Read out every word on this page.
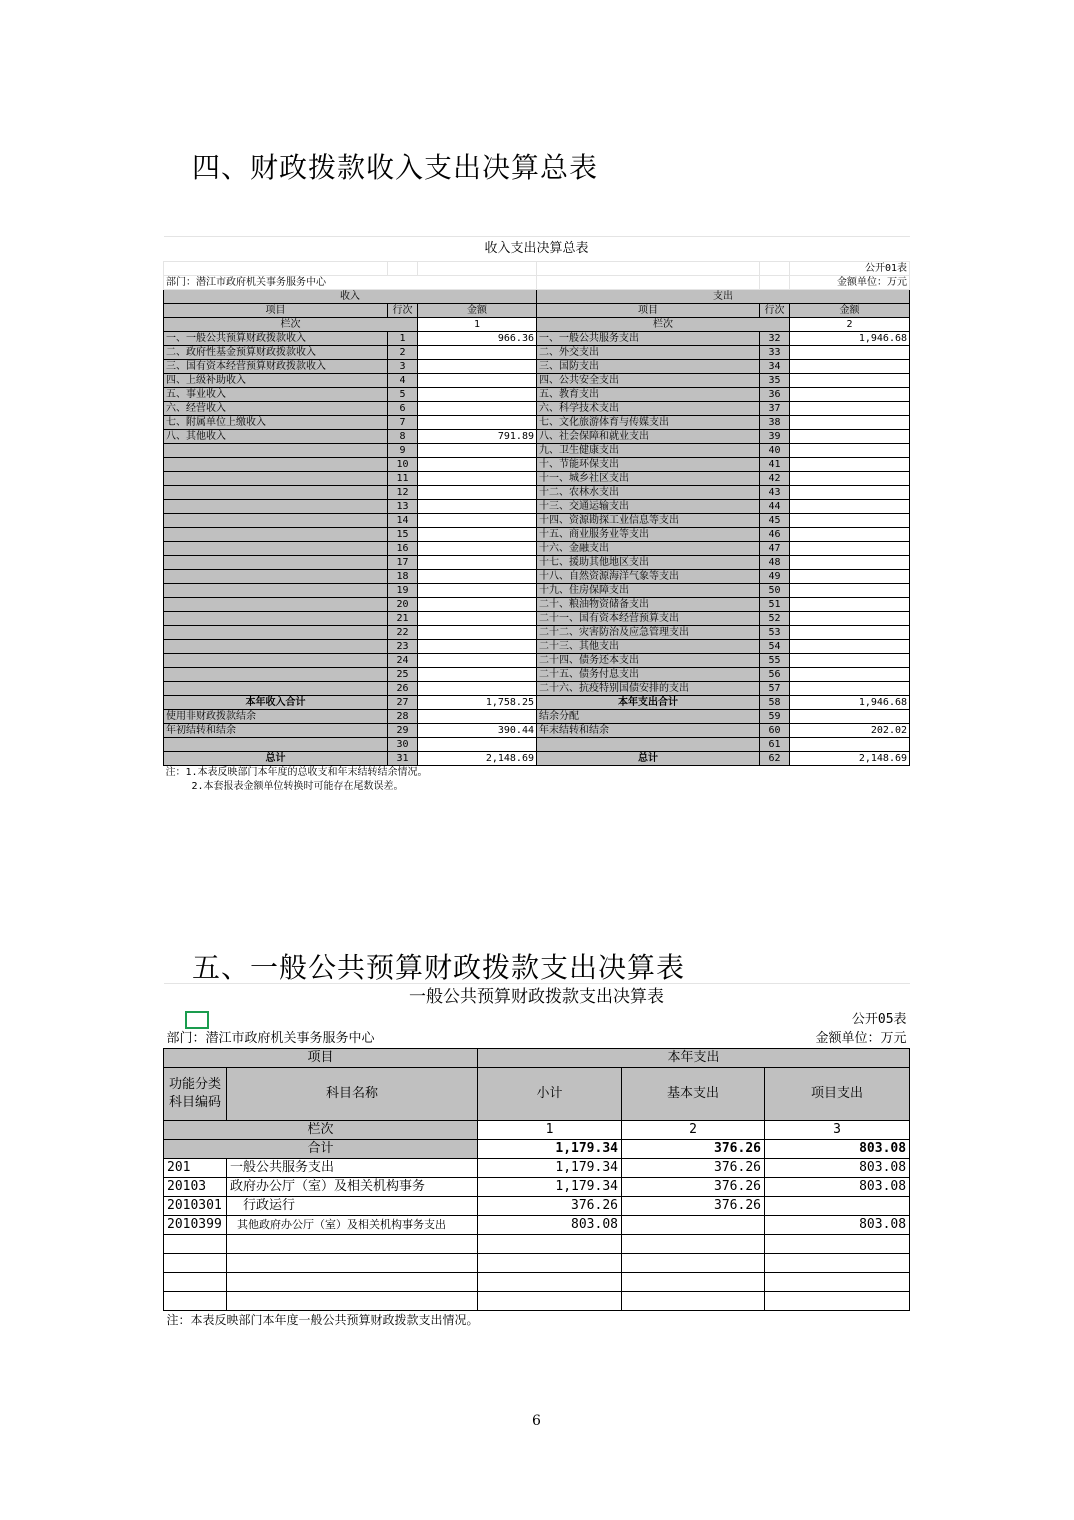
四、财政拨款收入支出决算总表
收入支出决算总表					
					公开01表
部门：潜江市政府机关事务服务中心					金额单位：万元
收入			支出		
项目	行次	金额	项目	行次	金额
栏次		1	栏次		2
一、一般公共预算财政拨款收入	1	966.36	一、一般公共服务支出	32	1,946.68
二、政府性基金预算财政拨款收入	2		二、外交支出	33	
三、国有资本经营预算财政拨款收入	3		三、国防支出	34	
四、上级补助收入	4		四、公共安全支出	35	
五、事业收入	5		五、教育支出	36	
六、经营收入	6		六、科学技术支出	37	
七、附属单位上缴收入	7		七、文化旅游体育与传媒支出	38	
八、其他收入	8	791.89	八、社会保障和就业支出	39	
	9		九、卫生健康支出	40	
	10		十、节能环保支出	41	
	11		十一、城乡社区支出	42	
	12		十二、农林水支出	43	
	13		十三、交通运输支出	44	
	14		十四、资源勘探工业信息等支出	45	
	15		十五、商业服务业等支出	46	
	16		十六、金融支出	47	
	17		十七、援助其他地区支出	48	
	18		十八、自然资源海洋气象等支出	49	
	19		十九、住房保障支出	50	
	20		二十、粮油物资储备支出	51	
	21		二十一、国有资本经营预算支出	52	
	22		二十二、灾害防治及应急管理支出	53	
	23		二十三、其他支出	54	
	24		二十四、债务还本支出	55	
	25		二十五、债务付息支出	56	
	26		二十六、抗疫特别国债安排的支出	57	
本年收入合计	27	1,758.25	本年支出合计	58	1,946.68
使用非财政拨款结余	28		结余分配	59	
年初结转和结余	29	390.44	年末结转和结余	60	202.02
	30			61	
总计	31	2,148.69	总计	62	2,148.69
注：1.本表反映部门本年度的总收支和年末结转结余情况。					
2.本套报表金额单位转换时可能存在尾数误差。					
五、一般公共预算财政拨款支出决算表
一般公共预算财政拨款支出决算表				
				公开05表
部门：潜江市政府机关事务服务中心				金额单位：万元
项目		本年支出		
功能分类科目编码	科目名称	小计	基本支出	项目支出
栏次		1	2	3
合计		1,179.34	376.26	803.08
201	一般公共服务支出	1,179.34	376.26	803.08
20103	政府办公厅（室）及相关机构事务	1,179.34	376.26	803.08
2010301	行政运行	376.26	376.26	
2010399	其他政府办公厅（室）及相关机构事务支出	803.08		803.08

注：本表反映部门本年度一般公共预算财政拨款支出情况。				
6
